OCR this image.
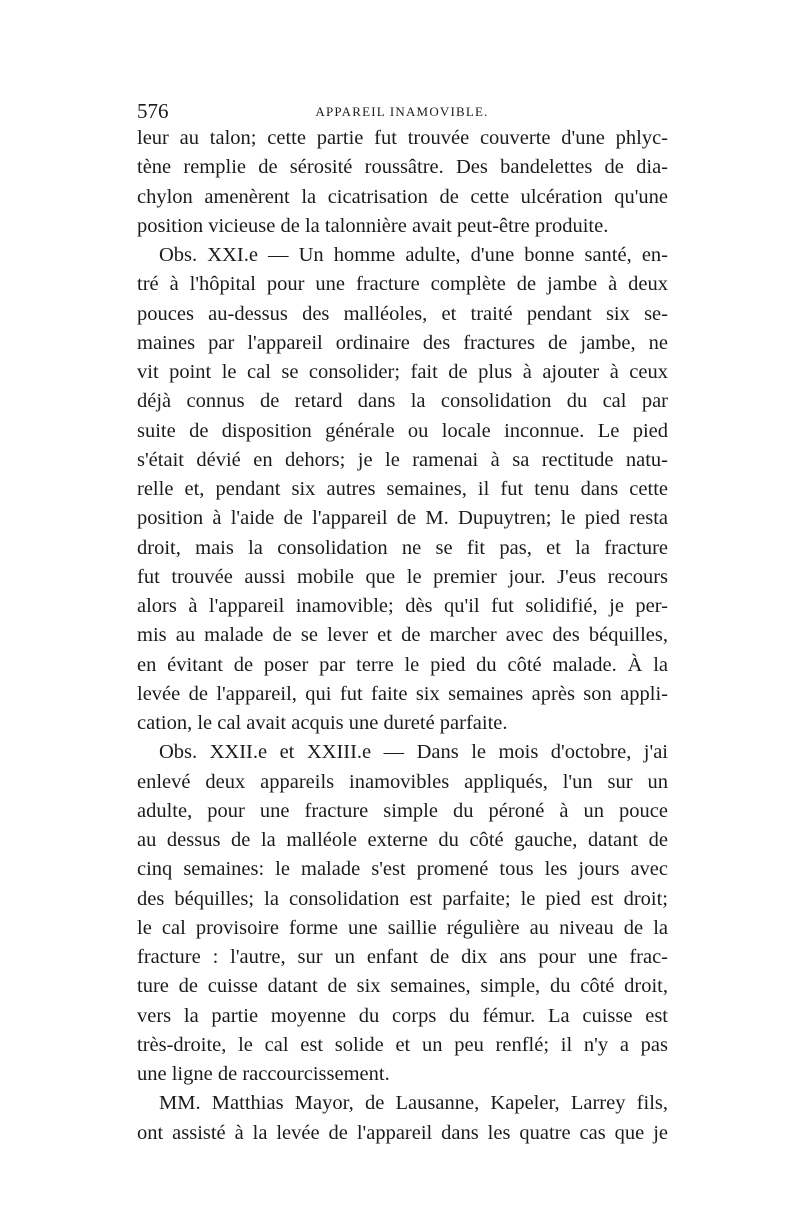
576	APPAREIL INAMOVIBLE.
leur au talon; cette partie fut trouvée couverte d'une phlyc-
tène remplie de sérosité roussâtre. Des bandelettes de dia-
chylon amenèrent la cicatrisation de cette ulcération qu'une
position vicieuse de la talonnière avait peut-être produite.
Obs. XXI.e — Un homme adulte, d'une bonne santé, en-
tré à l'hôpital pour une fracture complète de jambe à deux
pouces au-dessus des malléoles, et traité pendant six se-
maines par l'appareil ordinaire des fractures de jambe, ne
vit point le cal se consolider; fait de plus à ajouter à ceux
déjà connus de retard dans la consolidation du cal par
suite de disposition générale ou locale inconnue. Le pied
s'était dévié en dehors; je le ramenai à sa rectitude natu-
relle et, pendant six autres semaines, il fut tenu dans cette
position à l'aide de l'appareil de M. Dupuytren; le pied resta
droit, mais la consolidation ne se fit pas, et la fracture
fut trouvée aussi mobile que le premier jour. J'eus recours
alors à l'appareil inamovible; dès qu'il fut solidifié, je per-
mis au malade de se lever et de marcher avec des béquilles,
en évitant de poser par terre le pied du côté malade. À la
levée de l'appareil, qui fut faite six semaines après son appli-
cation, le cal avait acquis une dureté parfaite.
Obs. XXII.e et XXIII.e — Dans le mois d'octobre, j'ai
enlevé deux appareils inamovibles appliqués, l'un sur un
adulte, pour une fracture simple du péroné à un pouce
au dessus de la malléole externe du côté gauche, datant de
cinq semaines: le malade s'est promené tous les jours avec
des béquilles; la consolidation est parfaite; le pied est droit;
le cal provisoire forme une saillie régulière au niveau de la
fracture : l'autre, sur un enfant de dix ans pour une frac-
ture de cuisse datant de six semaines, simple, du côté droit,
vers la partie moyenne du corps du fémur. La cuisse est
très-droite, le cal est solide et un peu renflé; il n'y a pas
une ligne de raccourcissement.
MM. Matthias Mayor, de Lausanne, Kapeler, Larrey fils,
ont assisté à la levée de l'appareil dans les quatre cas que je
